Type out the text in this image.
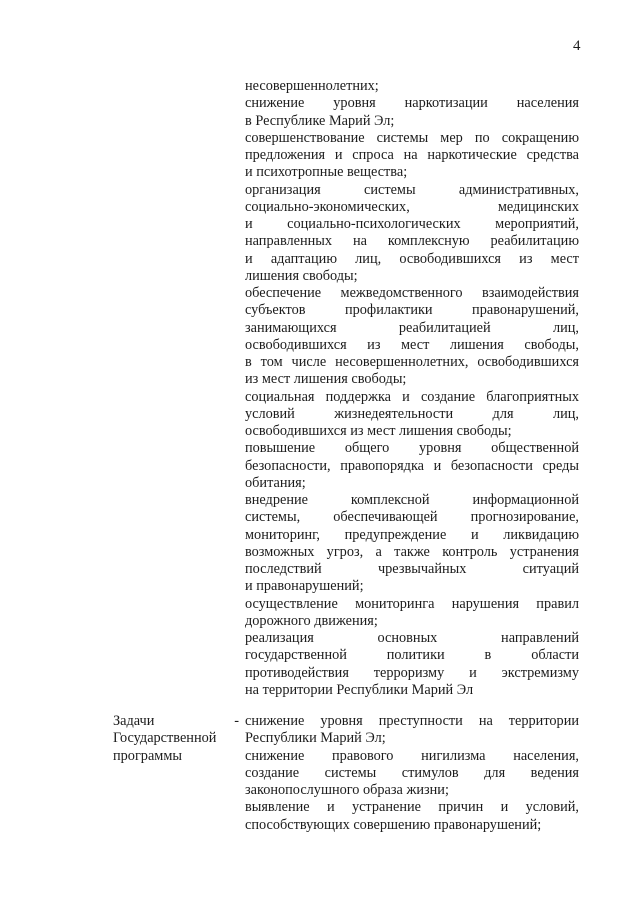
4
несовершеннолетних;
снижение уровня наркотизации населения
в Республике Марий Эл;
совершенствование системы мер по сокращению
предложения и спроса на наркотические средства
и психотропные вещества;
организация системы административных,
социально-экономических, медицинских
и социально-психологических мероприятий,
направленных на комплексную реабилитацию
и адаптацию лиц, освободившихся из мест
лишения свободы;
обеспечение межведомственного взаимодействия
субъектов профилактики правонарушений,
занимающихся реабилитацией лиц,
освободившихся из мест лишения свободы,
в том числе несовершеннолетних, освободившихся
из мест лишения свободы;
социальная поддержка и создание благоприятных
условий жизнедеятельности для лиц,
освободившихся из мест лишения свободы;
повышение общего уровня общественной
безопасности, правопорядка и безопасности среды
обитания;
внедрение комплексной информационной
системы, обеспечивающей прогнозирование,
мониторинг, предупреждение и ликвидацию
возможных угроз, а также контроль устранения
последствий чрезвычайных ситуаций
и правонарушений;
осуществление мониторинга нарушения правил
дорожного движения;
реализация основных направлений
государственной политики в области
противодействия терроризму и экстремизму
на территории Республики Марий Эл
Задачи
Государственной
программы
- снижение уровня преступности на территории
Республики Марий Эл;
снижение правового нигилизма населения,
создание системы стимулов для ведения
законопослушного образа жизни;
выявление и устранение причин и условий,
способствующих совершению правонарушений;
